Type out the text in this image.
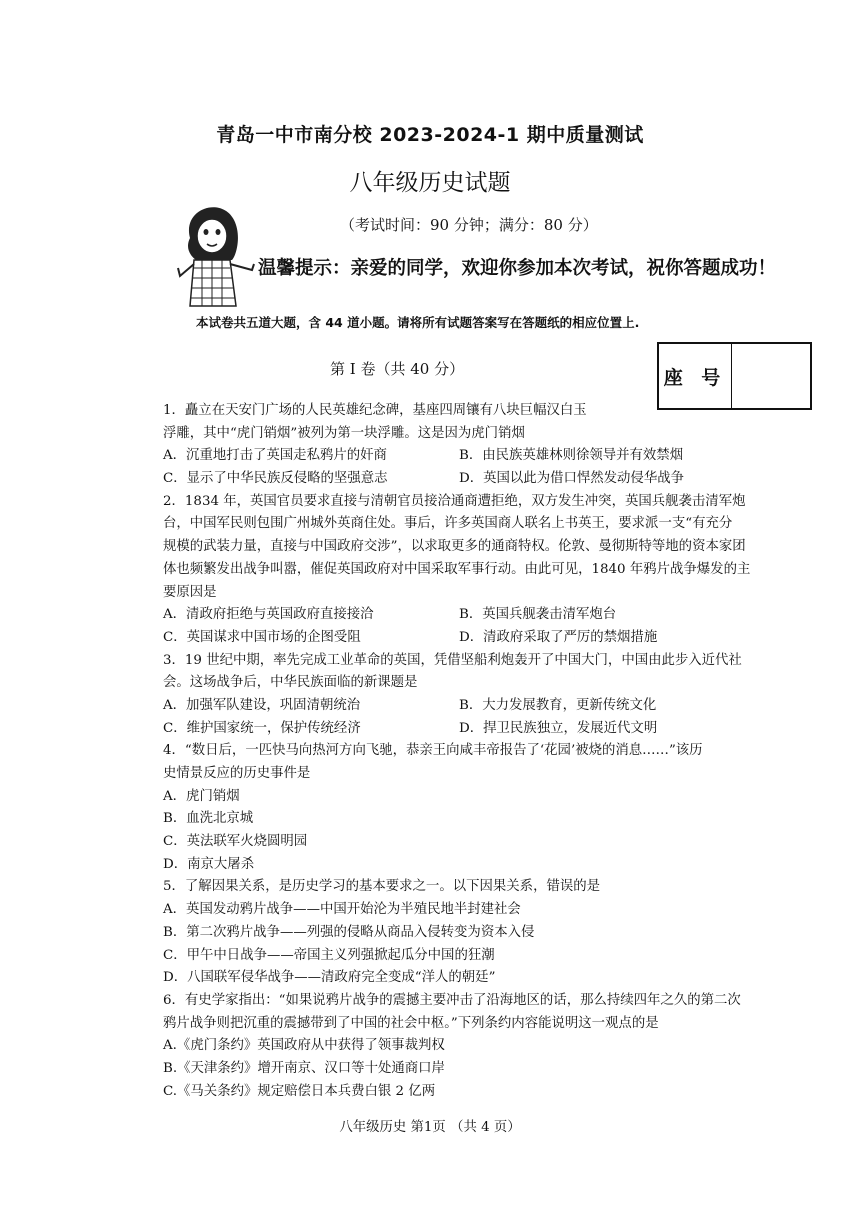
青岛一中市南分校 2023-2024-1 期中质量测试
八年级历史试题
（考试时间：90 分钟；满分：80 分）
温馨提示：亲爱的同学，欢迎你参加本次考试，祝你答题成功！
本试卷共五道大题，含 44 道小题。请将所有试题答案写在答题纸的相应位置上.
第 I 卷（共 40 分）	座 号
1．矗立在天安门广场的人民英雄纪念碑，基座四周镶有八块巨幅汉白玉
浮雕，其中“虎门销烟”被列为第一块浮雕。这是因为虎门销烟
A．沉重地打击了英国走私鸦片的奸商	B．由民族英雄林则徐领导并有效禁烟
C．显示了中华民族反侵略的坚强意志	D．英国以此为借口悍然发动侵华战争
2．1834 年，英国官员要求直接与清朝官员接洽通商遭拒绝，双方发生冲突，英国兵舰袭击清军炮
台，中国军民则包围广州城外英商住处。事后，许多英国商人联名上书英王，要求派一支“有充分
规模的武装力量，直接与中国政府交涉”，以求取更多的通商特权。伦敦、曼彻斯特等地的资本家团
体也频繁发出战争叫嚣，催促英国政府对中国采取军事行动。由此可见，1840 年鸦片战争爆发的主
要原因是
A．清政府拒绝与英国政府直接接洽	B．英国兵舰袭击清军炮台
C．英国谋求中国市场的企图受阻	D．清政府采取了严厉的禁烟措施
3．19 世纪中期，率先完成工业革命的英国，凭借坚船利炮轰开了中国大门，中国由此步入近代社
会。这场战争后，中华民族面临的新课题是
A．加强军队建设，巩固清朝统治	B．大力发展教育，更新传统文化
C．维护国家统一，保护传统经济	D．捍卫民族独立，发展近代文明
4．“数日后，一匹快马向热河方向飞驰，恭亲王向咸丰帝报告了‘花园’被烧的消息……”该历
史情景反应的历史事件是
A．虎门销烟
B．血洗北京城
C．英法联军火烧圆明园
D．南京大屠杀
5．了解因果关系，是历史学习的基本要求之一。以下因果关系，错误的是
A．英国发动鸦片战争——中国开始沦为半殖民地半封建社会
B．第二次鸦片战争——列强的侵略从商品入侵转变为资本入侵
C．甲午中日战争——帝国主义列强掀起瓜分中国的狂潮
D．八国联军侵华战争——清政府完全变成“洋人的朝廷”
6．有史学家指出：“如果说鸦片战争的震撼主要冲击了沿海地区的话，那么持续四年之久的第二次
鸦片战争则把沉重的震撼带到了中国的社会中枢。”下列条约内容能说明这一观点的是
A.《虎门条约》英国政府从中获得了领事裁判权
B.《天津条约》增开南京、汉口等十处通商口岸
C.《马关条约》规定赔偿日本兵费白银 2 亿两
八年级历史 第1页 （共 4 页）
